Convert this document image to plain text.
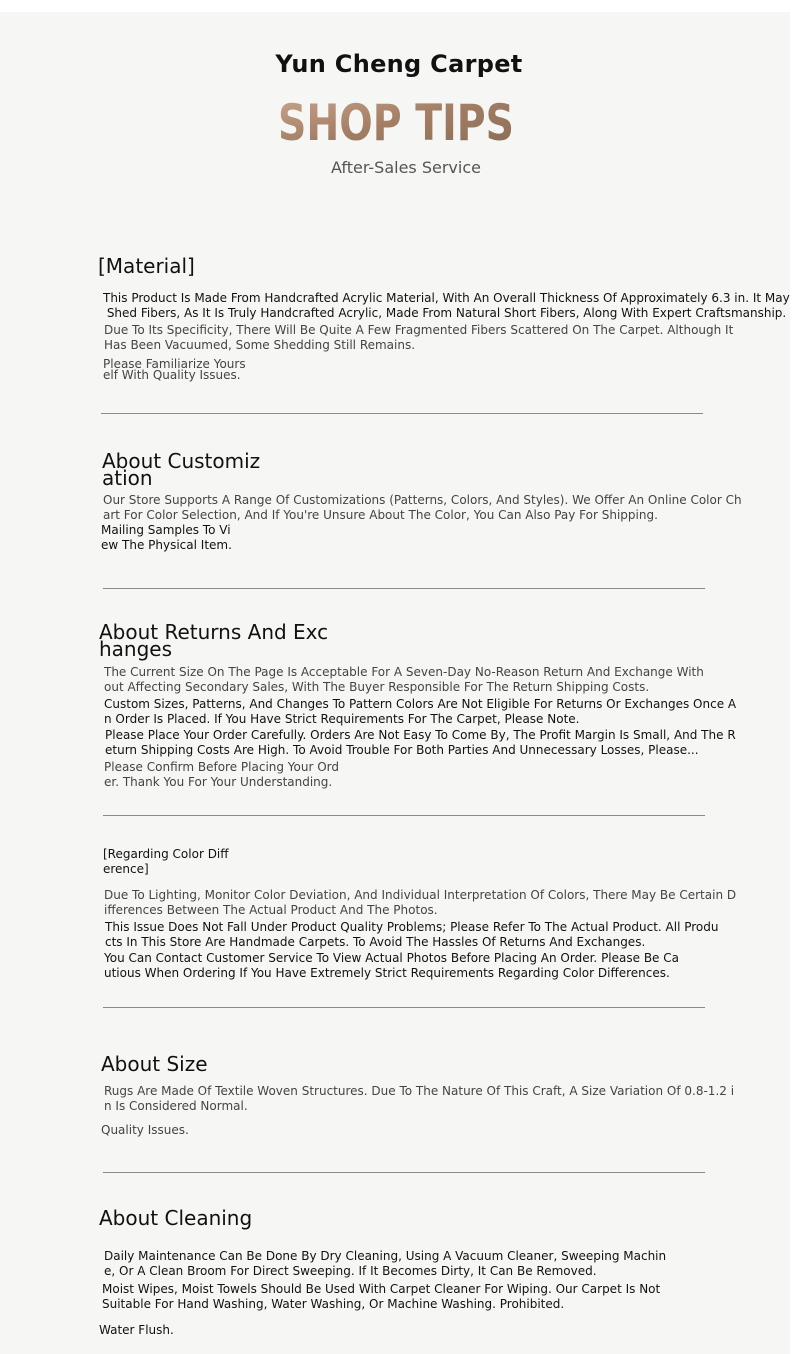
Yun Cheng Carpet
SHOP TIPS
After-Sales Service
[Material]
This Product Is Made From Handcrafted Acrylic Material, With An Overall Thickness Of Approximately 6.3 in. It May
Shed Fibers, As It Is Truly Handcrafted Acrylic, Made From Natural Short Fibers, Along With Expert Craftsmanship.
Due To Its Specificity, There Will Be Quite A Few Fragmented Fibers Scattered On The Carpet. Although It
Has Been Vacuumed, Some Shedding Still Remains.
Please Familiarize Yours
elf With Quality Issues.
About Customiz
ation
Our Store Supports A Range Of Customizations (Patterns, Colors, And Styles). We Offer An Online Color Ch
art For Color Selection, And If You're Unsure About The Color, You Can Also Pay For Shipping.
Mailing Samples To Vi
ew The Physical Item.
About Returns And Exc
hanges
The Current Size On The Page Is Acceptable For A Seven-Day No-Reason Return And Exchange With
out Affecting Secondary Sales, With The Buyer Responsible For The Return Shipping Costs.
Custom Sizes, Patterns, And Changes To Pattern Colors Are Not Eligible For Returns Or Exchanges Once A
n Order Is Placed. If You Have Strict Requirements For The Carpet, Please Note.
Please Place Your Order Carefully. Orders Are Not Easy To Come By, The Profit Margin Is Small, And The R
eturn Shipping Costs Are High. To Avoid Trouble For Both Parties And Unnecessary Losses, Please...
Please Confirm Before Placing Your Ord
er. Thank You For Your Understanding.
[Regarding Color Diff
erence]
Due To Lighting, Monitor Color Deviation, And Individual Interpretation Of Colors, There May Be Certain D
ifferences Between The Actual Product And The Photos.
This Issue Does Not Fall Under Product Quality Problems; Please Refer To The Actual Product. All Produ
cts In This Store Are Handmade Carpets. To Avoid The Hassles Of Returns And Exchanges.
You Can Contact Customer Service To View Actual Photos Before Placing An Order. Please Be Ca
utious When Ordering If You Have Extremely Strict Requirements Regarding Color Differences.
About Size
Rugs Are Made Of Textile Woven Structures. Due To The Nature Of This Craft, A Size Variation Of 0.8-1.2 i
n Is Considered Normal.
Quality Issues.
About Cleaning
Daily Maintenance Can Be Done By Dry Cleaning, Using A Vacuum Cleaner, Sweeping Machin
e, Or A Clean Broom For Direct Sweeping. If It Becomes Dirty, It Can Be Removed.
Moist Wipes, Moist Towels Should Be Used With Carpet Cleaner For Wiping. Our Carpet Is Not
Suitable For Hand Washing, Water Washing, Or Machine Washing. Prohibited.
Water Flush.
